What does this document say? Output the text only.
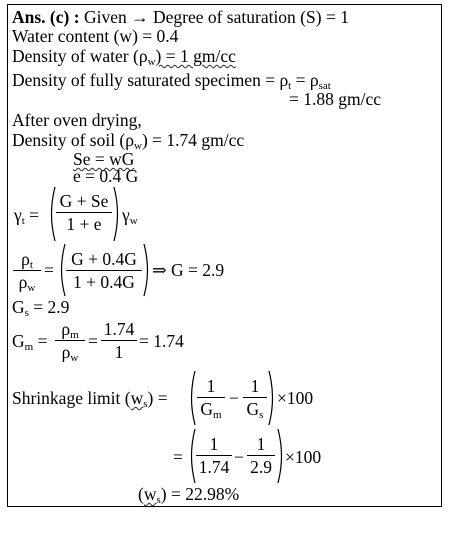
Ans. (c) : Given → Degree of saturation (S) = 1
Water content (w) = 0.4
Density of water $(\rho_w) = 1$ gm/cc
Density of fully saturated specimen = $\rho_t = \rho_{sat}$
= 1.88 gm/cc
After oven drying,
Density of soil $(\rho_w) = 1.74$ gm/cc
Se = wG
e = 0.4 G
$\gamma_t$ =
G + Se
1 + e	$\gamma_w$
$\rho_t$
$\rho_w$
=
G + 0.4G
1 + 0.4G
⇒ G = 2.9
$G_s = 2.9$
$G_m$ =
$\rho_m$
$\rho_w$
=
1.74
1
= 1.74
Shrinkage limit $(w_s)$ =
1
$G_m$
−
1
$G_s$
×100
=
1
1.74 −
1
2.9 ×100
$(w_s) = 22.98\%$
